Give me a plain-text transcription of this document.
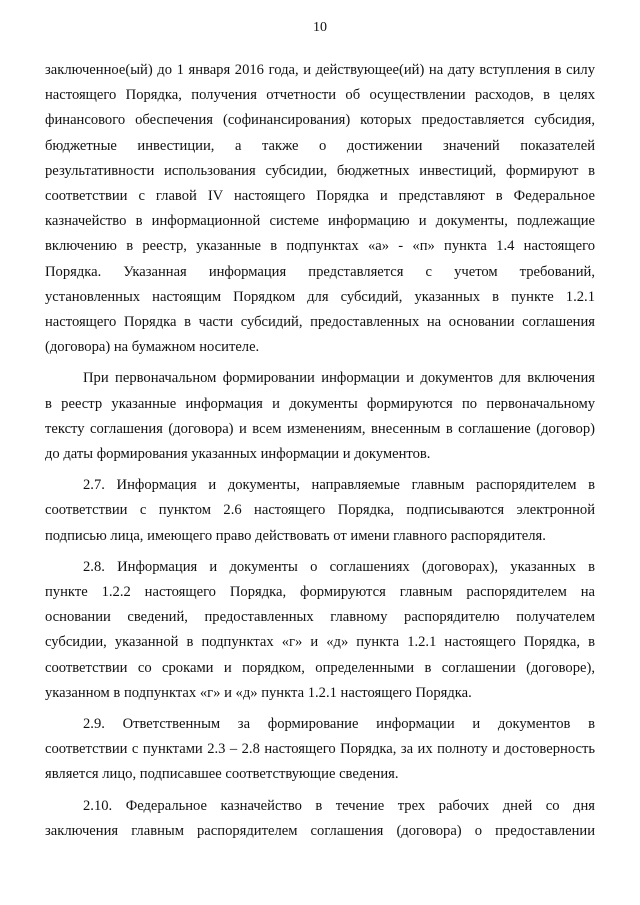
10
заключенное(ый) до 1 января 2016 года, и действующее(ий) на дату вступления в силу
настоящего Порядка, получения отчетности об осуществлении расходов, в целях
финансового обеспечения (софинансирования) которых предоставляется субсидия,
бюджетные инвестиции, а также о достижении значений показателей
результативности использования субсидии, бюджетных инвестиций, формируют в
соответствии с главой IV настоящего Порядка и представляют в Федеральное
казначейство в информационной системе информацию и документы, подлежащие
включению в реестр, указанные в подпунктах «а» - «п» пункта 1.4 настоящего
Порядка. Указанная информация представляется с учетом требований,
установленных настоящим Порядком для субсидий, указанных в пункте 1.2.1
настоящего Порядка в части субсидий, предоставленных на основании соглашения
(договора) на бумажном носителе.
При первоначальном формировании информации и документов для включения
в реестр указанные информация и документы формируются по первоначальному
тексту соглашения (договора) и всем изменениям, внесенным в соглашение (договор)
до даты формирования указанных информации и документов.
2.7. Информация и документы, направляемые главным распорядителем в
соответствии с пунктом 2.6 настоящего Порядка, подписываются электронной
подписью лица, имеющего право действовать от имени главного распорядителя.
2.8. Информация и документы о соглашениях (договорах), указанных в
пункте 1.2.2 настоящего Порядка, формируются главным распорядителем на
основании сведений, предоставленных главному распорядителю получателем
субсидии, указанной в подпунктах «г» и «д» пункта 1.2.1 настоящего Порядка, в
соответствии со сроками и порядком, определенными в соглашении (договоре),
указанном в подпунктах «г» и «д» пункта 1.2.1 настоящего Порядка.
2.9. Ответственным за формирование информации и документов в
соответствии с пунктами 2.3 – 2.8 настоящего Порядка, за их полноту и достоверность
является лицо, подписавшее соответствующие сведения.
2.10. Федеральное казначейство в течение трех рабочих дней со дня
заключения главным распорядителем соглашения (договора) о предоставлении
